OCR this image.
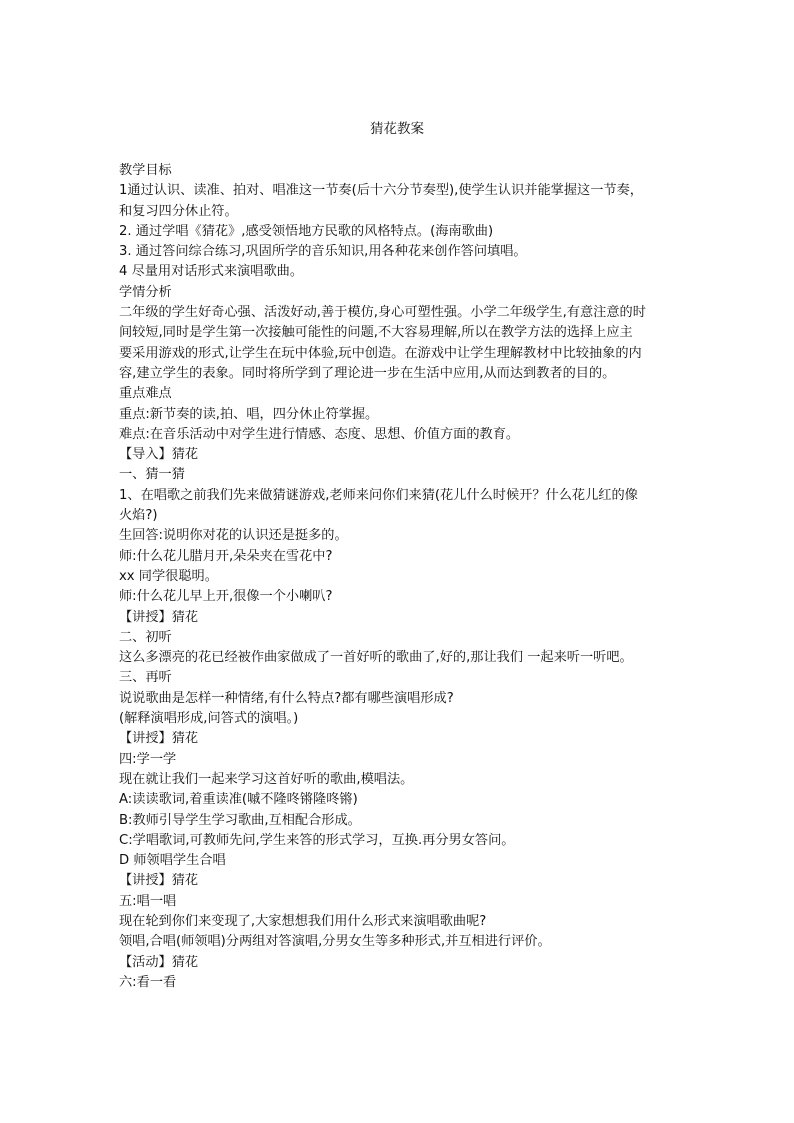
猜花教案
教学目标
1通过认识、读准、拍对、唱准这一节奏(后十六分节奏型),使学生认识并能掌握这一节奏，
和复习四分休止符。
2. 通过学唱《猜花》,感受领悟地方民歌的风格特点。(海南歌曲)
3. 通过答问综合练习,巩固所学的音乐知识,用各种花来创作答问填唱。
4 尽量用对话形式来演唱歌曲。
学情分析
二年级的学生好奇心强、活泼好动,善于模仿,身心可塑性强。小学二年级学生,有意注意的时
间较短,同时是学生第一次接触可能性的问题,不大容易理解,所以在教学方法的选择上应主
要采用游戏的形式,让学生在玩中体验,玩中创造。在游戏中让学生理解教材中比较抽象的内
容,建立学生的表象。同时将所学到了理论进一步在生活中应用,从而达到教者的目的。
重点难点
重点:新节奏的读,拍、唱，四分休止符掌握。
难点:在音乐活动中对学生进行情感、态度、思想、价值方面的教育。
【导入】猜花
一、猜一猜
1、在唱歌之前我们先来做猜谜游戏,老师来问你们来猜(花儿什么时候开？什么花儿红的像
火焰?)
生回答:说明你对花的认识还是挺多的。
师:什么花儿腊月开,朵朵夹在雪花中?
xx 同学很聪明。
师:什么花儿早上开,很像一个小喇叭?
【讲授】猜花
二、初听
这么多漂亮的花已经被作曲家做成了一首好听的歌曲了,好的,那让我们 一起来听一听吧。
三、再听
说说歌曲是怎样一种情绪,有什么特点?都有哪些演唱形成?
(解释演唱形成,问答式的演唱。)
【讲授】猜花
四:学一学
现在就让我们一起来学习这首好听的歌曲,模唱法。
A:读读歌词,着重读准(嘁不隆咚锵隆咚锵)
B:教师引导学生学习歌曲,互相配合形成。
C:学唱歌词,可教师先问,学生来答的形式学习，互换.再分男女答问。
D 师领唱学生合唱
【讲授】猜花
五:唱一唱
现在轮到你们来变现了,大家想想我们用什么形式来演唱歌曲呢?
领唱,合唱(师领唱)分两组对答演唱,分男女生等多种形式,并互相进行评价。
【活动】猜花
六:看一看
